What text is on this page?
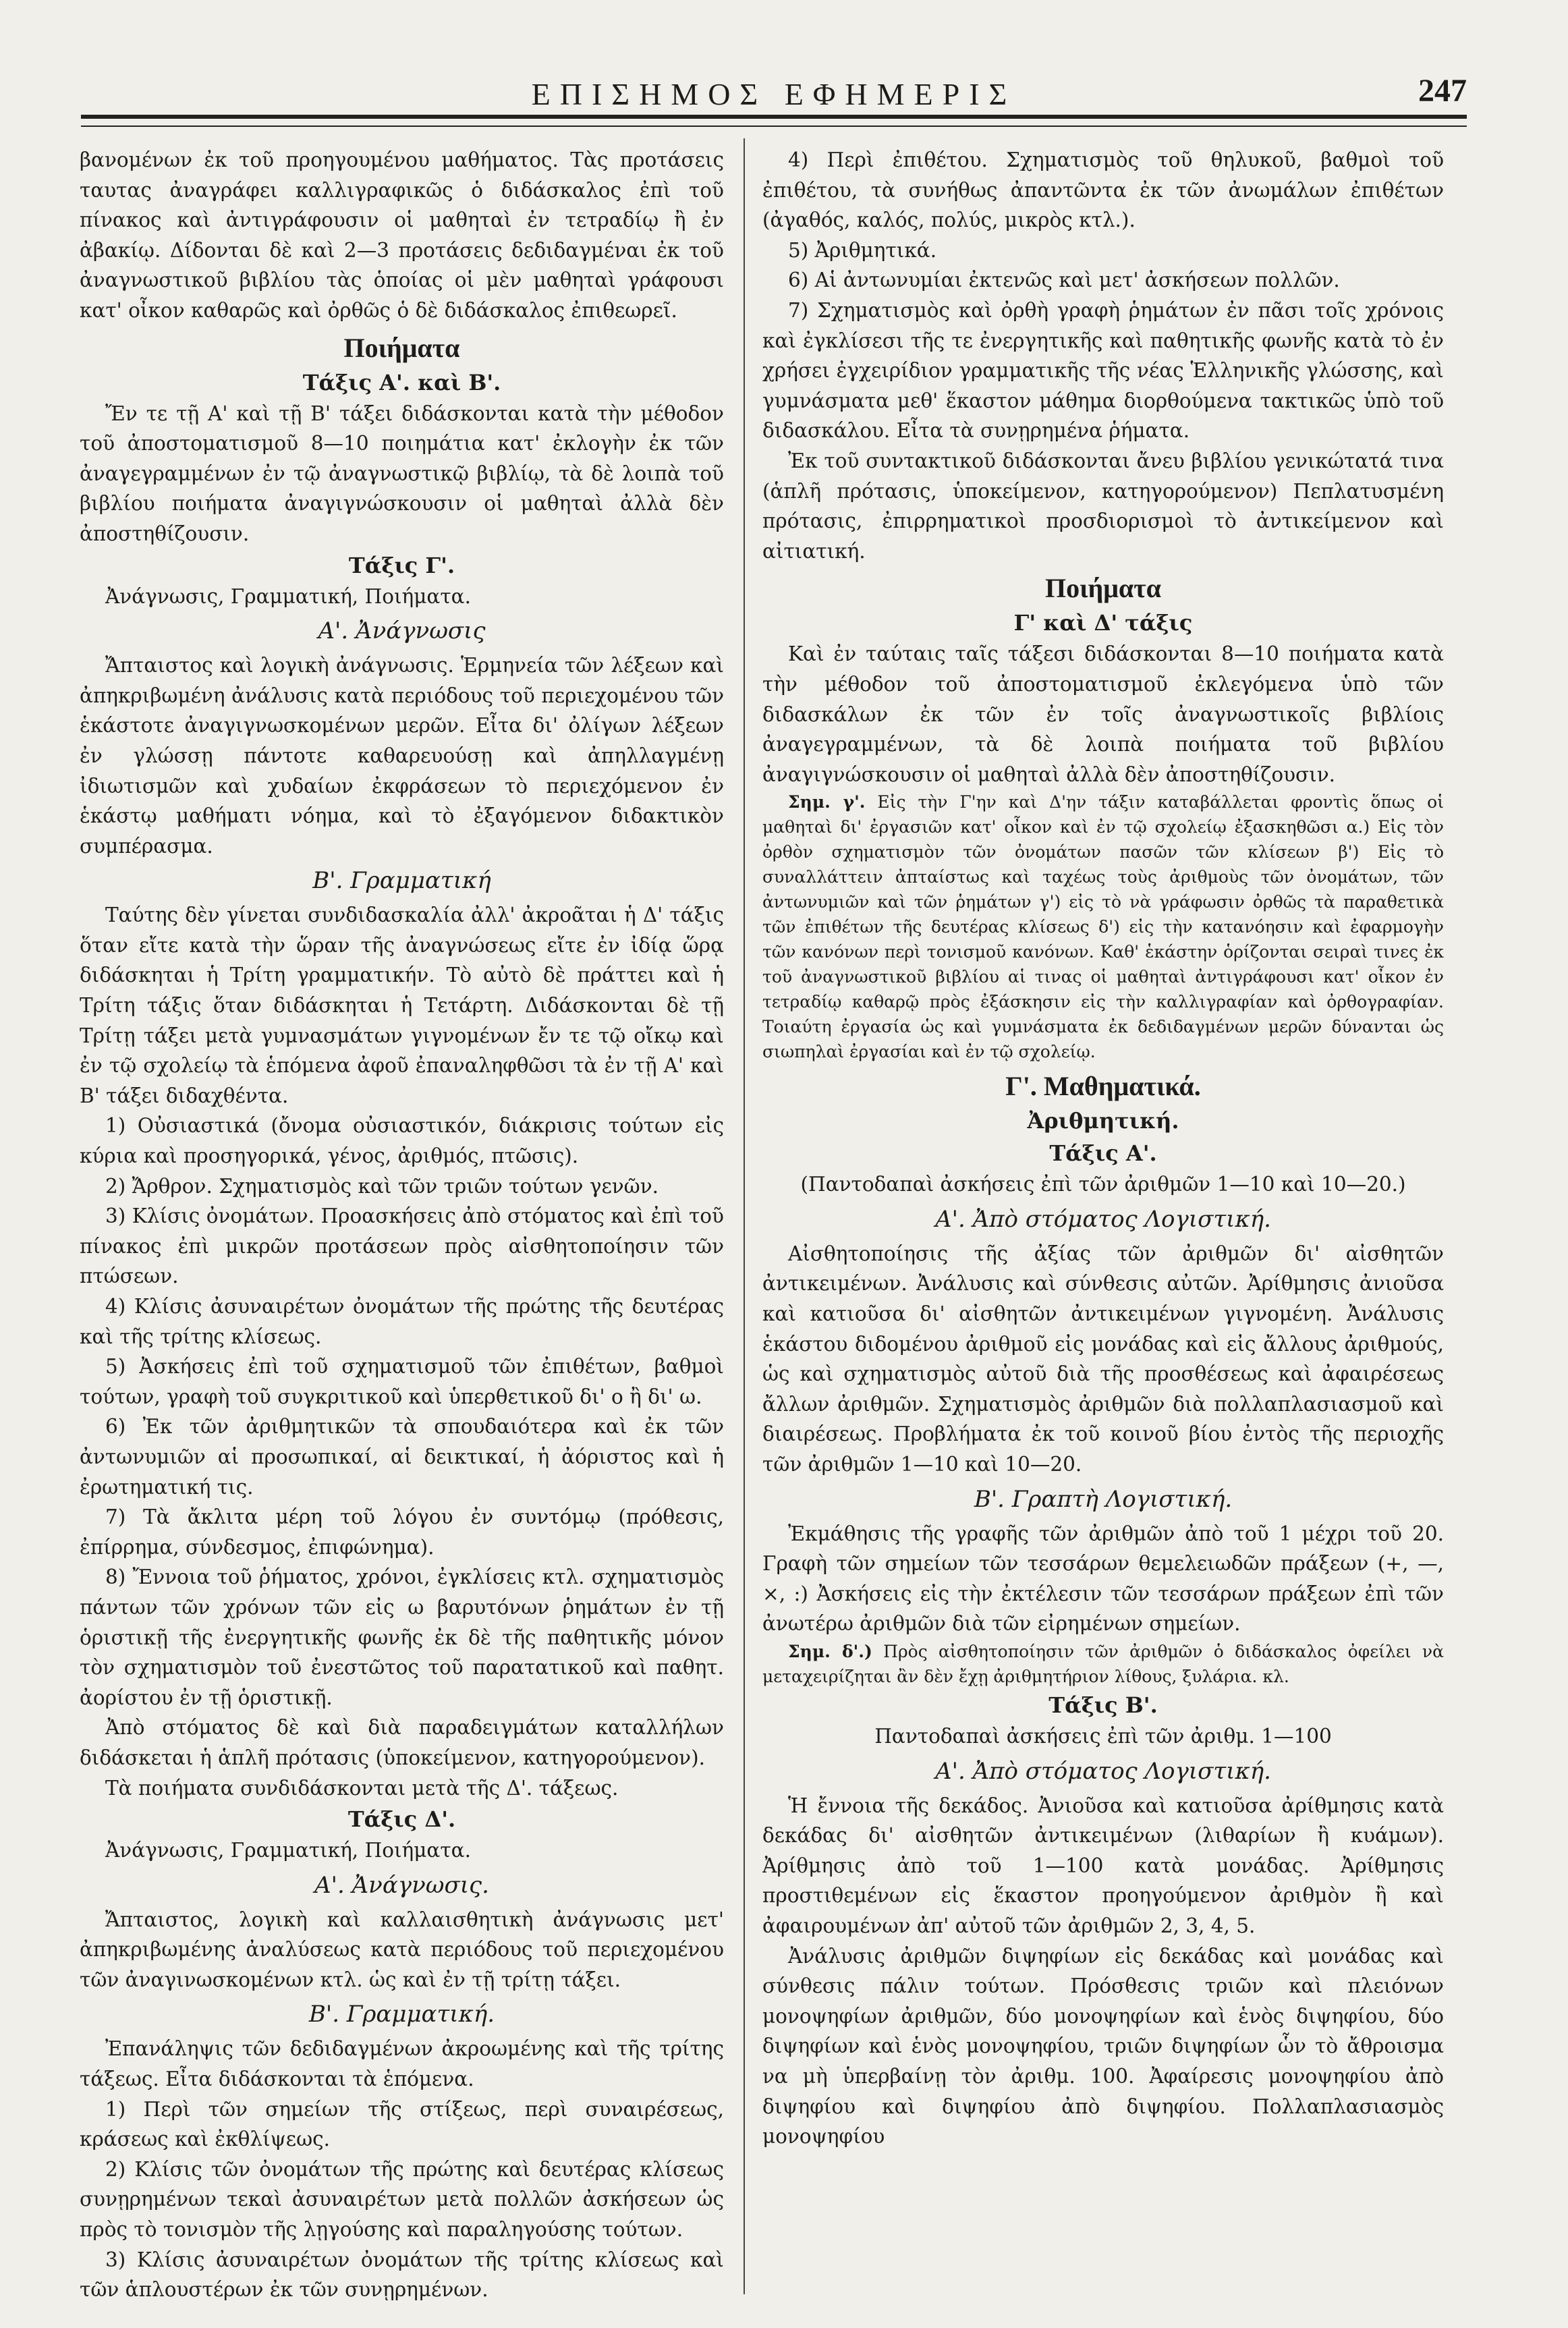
ΕΠΙΣΗΜΟΣ ΕΦΗΜΕΡΙΣ	247

βανομένων ἐκ τοῦ προηγουμένου μαθήματος. Τὰς προτάσεις ταυτας ἀναγράφει καλλιγραφικῶς ὁ διδάσκαλος ἐπὶ τοῦ πίνακος καὶ ἀντιγράφουσιν οἱ μαθηταὶ ἐν τετραδίῳ ἢ ἐν ἀβακίῳ. Δίδονται δὲ καὶ 2—3 προτάσεις δεδιδαγμέναι ἐκ τοῦ ἀναγνωστικοῦ βιβλίου τὰς ὁποίας οἱ μὲν μαθηταὶ γράφουσι κατ' οἶκον καθαρῶς καὶ ὀρθῶς ὁ δὲ διδάσκαλος ἐπιθεωρεῖ.

Ποιήματα
Τάξις Α'. καὶ Β'.

Ἔν τε τῇ Α' καὶ τῇ Β' τάξει διδάσκονται κατὰ τὴν μέθοδον τοῦ ἀποστοματισμοῦ 8—10 ποιημάτια κατ' ἐκλογὴν ἐκ τῶν ἀναγεγραμμένων ἐν τῷ ἀναγνωστικῷ βιβλίῳ, τὰ δὲ λοιπὰ τοῦ βιβλίου ποιήματα ἀναγιγνώσκουσιν οἱ μαθηταὶ ἀλλὰ δὲν ἀποστηθίζουσιν.

Τάξις Γ'.

Ἀνάγνωσις, Γραμματική, Ποιήματα.

Α'. Ἀνάγνωσις

Ἄπταιστος καὶ λογικὴ ἀνάγνωσις. Ἑρμηνεία τῶν λέξεων καὶ ἀπηκριβωμένη ἀνάλυσις κατὰ περιόδους τοῦ περιεχομένου τῶν ἑκάστοτε ἀναγιγνωσκομένων μερῶν. Εἶτα δι' ὀλίγων λέξεων ἐν γλώσσῃ πάντοτε καθαρευούσῃ καὶ ἀπηλλαγμένῃ ἰδιωτισμῶν καὶ χυδαίων ἐκφράσεων τὸ περιεχόμενον ἐν ἑκάστῳ μαθήματι νόημα, καὶ τὸ ἐξαγόμενον διδακτικὸν συμπέρασμα.

Β'. Γραμματική

Ταύτης δὲν γίνεται συνδιδασκαλία ἀλλ' ἀκροᾶται ἡ Δ' τάξις ὅταν εἴτε κατὰ τὴν ὥραν τῆς ἀναγνώσεως εἴτε ἐν ἰδίᾳ ὥρᾳ διδάσκηται ἡ Τρίτη γραμματικήν. Τὸ αὐτὸ δὲ πράττει καὶ ἡ Τρίτη τάξις ὅταν διδάσκηται ἡ Τετάρτη. Διδάσκονται δὲ τῇ Τρίτῃ τάξει μετὰ γυμνασμάτων γιγνομένων ἔν τε τῷ οἴκῳ καὶ ἐν τῷ σχολείῳ τὰ ἑπόμενα ἀφοῦ ἐπαναληφθῶσι τὰ ἐν τῇ Α' καὶ Β' τάξει διδαχθέντα.

1) Οὐσιαστικά (ὄνομα οὐσιαστικόν, διάκρισις τούτων εἰς κύρια καὶ προσηγορικά, γένος, ἀριθμός, πτῶσις).

2) Ἄρθρον. Σχηματισμὸς καὶ τῶν τριῶν τούτων γενῶν.

3) Κλίσις ὀνομάτων. Προασκήσεις ἀπὸ στόματος καὶ ἐπὶ τοῦ πίνακος ἐπὶ μικρῶν προτάσεων πρὸς αἰσθητοποίησιν τῶν πτώσεων.

4) Κλίσις ἀσυναιρέτων ὀνομάτων τῆς πρώτης τῆς δευτέρας καὶ τῆς τρίτης κλίσεως.

5) Ἀσκήσεις ἐπὶ τοῦ σχηματισμοῦ τῶν ἐπιθέτων, βαθμοὶ τούτων, γραφὴ τοῦ συγκριτικοῦ καὶ ὑπερθετικοῦ δι' ο ἢ δι' ω.

6) Ἐκ τῶν ἀριθμητικῶν τὰ σπουδαιότερα καὶ ἐκ τῶν ἀντωνυμιῶν αἱ προσωπικαί, αἱ δεικτικαί, ἡ ἀόριστος καὶ ἡ ἐρωτηματική τις.

7) Τὰ ἄκλιτα μέρη τοῦ λόγου ἐν συντόμῳ (πρόθεσις, ἐπίρρημα, σύνδεσμος, ἐπιφώνημα).

8) Ἔννοια τοῦ ῥήματος, χρόνοι, ἐγκλίσεις κτλ. σχηματισμὸς πάντων τῶν χρόνων τῶν εἰς ω βαρυτόνων ῥημάτων ἐν τῇ ὁριστικῇ τῆς ἐνεργητικῆς φωνῆς ἐκ δὲ τῆς παθητικῆς μόνον τὸν σχηματισμὸν τοῦ ἐνεστῶτος τοῦ παρατατικοῦ καὶ παθητ. ἀορίστου ἐν τῇ ὁριστικῇ.

Ἀπὸ στόματος δὲ καὶ διὰ παραδειγμάτων καταλλήλων διδάσκεται ἡ ἁπλῆ πρότασις (ὑποκείμενον, κατηγορούμενον).

Τὰ ποιήματα συνδιδάσκονται μετὰ τῆς Δ'. τάξεως.

Τάξις Δ'.

Ἀνάγνωσις, Γραμματική, Ποιήματα.

Α'. Ἀνάγνωσις.

Ἄπταιστος, λογικὴ καὶ καλλαισθητικὴ ἀνάγνωσις μετ' ἀπηκριβωμένης ἀναλύσεως κατὰ περιόδους τοῦ περιεχομένου τῶν ἀναγινωσκομένων κτλ. ὡς καὶ ἐν τῇ τρίτῃ τάξει.

Β'. Γραμματική.

Ἐπανάληψις τῶν δεδιδαγμένων ἀκροωμένης καὶ τῆς τρίτης τάξεως. Εἶτα διδάσκονται τὰ ἑπόμενα.

1) Περὶ τῶν σημείων τῆς στίξεως, περὶ συναιρέσεως, κράσεως καὶ ἐκθλίψεως.

2) Κλίσις τῶν ὀνομάτων τῆς πρώτης καὶ δευτέρας κλίσεως συνῃρημένων τεκαὶ ἀσυναιρέτων μετὰ πολλῶν ἀσκήσεων ὡς πρὸς τὸ τονισμὸν τῆς λῃγούσης καὶ παραληγούσης τούτων.

3) Κλίσις ἀσυναιρέτων ὀνομάτων τῆς τρίτης κλίσεως καὶ τῶν ἁπλουστέρων ἐκ τῶν συνῃρημένων.

4) Περὶ ἐπιθέτου. Σχηματισμὸς τοῦ θηλυκοῦ, βαθμοὶ τοῦ ἐπιθέτου, τὰ συνήθως ἀπαντῶντα ἐκ τῶν ἀνωμάλων ἐπιθέτων (ἀγαθός, καλός, πολύς, μικρὸς κτλ.).

5) Ἀριθμητικά.

6) Αἱ ἀντωνυμίαι ἐκτενῶς καὶ μετ' ἀσκήσεων πολλῶν.

7) Σχηματισμὸς καὶ ὀρθὴ γραφὴ ῥημάτων ἐν πᾶσι τοῖς χρόνοις καὶ ἐγκλίσεσι τῆς τε ἐνεργητικῆς καὶ παθητικῆς φωνῆς κατὰ τὸ ἐν χρήσει ἐγχειρίδιον γραμματικῆς τῆς νέας Ἑλληνικῆς γλώσσης, καὶ γυμνάσματα μεθ' ἕκαστον μάθημα διορθούμενα τακτικῶς ὑπὸ τοῦ διδασκάλου. Εἶτα τὰ συνῃρημένα ῥήματα.

Ἐκ τοῦ συντακτικοῦ διδάσκονται ἄνευ βιβλίου γενικώτατά τινα (ἁπλῆ πρότασις, ὑποκείμενον, κατηγορούμενον) Πεπλατυσμένη πρότασις, ἐπιρρηματικοὶ προσδιορισμοὶ τὸ ἀντικείμενον καὶ αἰτιατική.

Ποιήματα
Γ' καὶ Δ' τάξις

Καὶ ἐν ταύταις ταῖς τάξεσι διδάσκονται 8—10 ποιήματα κατὰ τὴν μέθοδον τοῦ ἀποστοματισμοῦ ἐκλεγόμενα ὑπὸ τῶν διδασκάλων ἐκ τῶν ἐν τοῖς ἀναγνωστικοῖς βιβλίοις ἀναγεγραμμένων, τὰ δὲ λοιπὰ ποιήματα τοῦ βιβλίου ἀναγιγνώσκουσιν οἱ μαθηταὶ ἀλλὰ δὲν ἀποστηθίζουσιν.

Σημ. γ'. Εἰς τὴν Γ'ην καὶ Δ'ην τάξιν καταβάλλεται φροντὶς ὅπως οἱ μαθηταὶ δι' ἐργασιῶν κατ' οἶκον καὶ ἐν τῷ σχολείῳ ἐξασκηθῶσι α.) Εἰς τὸν ὀρθὸν σχηματισμὸν τῶν ὀνομάτων πασῶν τῶν κλίσεων β') Εἰς τὸ συναλλάττειν ἀπταίστως καὶ ταχέως τοὺς ἀριθμοὺς τῶν ὀνομάτων, τῶν ἀντωνυμιῶν καὶ τῶν ῥημάτων γ') εἰς τὸ νὰ γράφωσιν ὀρθῶς τὰ παραθετικὰ τῶν ἐπιθέτων τῆς δευτέρας κλίσεως δ') εἰς τὴν κατανόησιν καὶ ἐφαρμογὴν τῶν κανόνων περὶ τονισμοῦ κανόνων. Καθ' ἑκάστην ὁρίζονται σειραὶ τινες ἐκ τοῦ ἀναγνωστικοῦ βιβλίου αἱ τινας οἱ μαθηταὶ ἀντιγράφουσι κατ' οἶκον ἐν τετραδίῳ καθαρῷ πρὸς ἐξάσκησιν εἰς τὴν καλλιγραφίαν καὶ ὀρθογραφίαν. Τοιαύτη ἐργασία ὡς καὶ γυμνάσματα ἐκ δεδιδαγμένων μερῶν δύνανται ὡς σιωπηλαὶ ἐργασίαι καὶ ἐν τῷ σχολείῳ.

Γ'. Μαθηματικά.
Ἀριθμητική.
Τάξις Α'.

(Παντοδαπαὶ ἀσκήσεις ἐπὶ τῶν ἀριθμῶν 1—10 καὶ 10—20.)

Α'. Ἀπὸ στόματος Λογιστική.

Αἰσθητοποίησις τῆς ἀξίας τῶν ἀριθμῶν δι' αἰσθητῶν ἀντικειμένων. Ἀνάλυσις καὶ σύνθεσις αὐτῶν. Ἀρίθμησις ἀνιοῦσα καὶ κατιοῦσα δι' αἰσθητῶν ἀντικειμένων γιγνομένη. Ἀνάλυσις ἑκάστου διδομένου ἀριθμοῦ εἰς μονάδας καὶ εἰς ἄλλους ἀριθμούς, ὡς καὶ σχηματισμὸς αὐτοῦ διὰ τῆς προσθέσεως καὶ ἀφαιρέσεως ἄλλων ἀριθμῶν. Σχηματισμὸς ἀριθμῶν διὰ πολλαπλασιασμοῦ καὶ διαιρέσεως. Προβλήματα ἐκ τοῦ κοινοῦ βίου ἐντὸς τῆς περιοχῆς τῶν ἀριθμῶν 1—10 καὶ 10—20.

Β'. Γραπτὴ Λογιστική.

Ἐκμάθησις τῆς γραφῆς τῶν ἀριθμῶν ἀπὸ τοῦ 1 μέχρι τοῦ 20. Γραφὴ τῶν σημείων τῶν τεσσάρων θεμελειωδῶν πράξεων (+, —, ×, :) Ἀσκήσεις εἰς τὴν ἐκτέλεσιν τῶν τεσσάρων πράξεων ἐπὶ τῶν ἀνωτέρω ἀριθμῶν διὰ τῶν εἰρημένων σημείων.

Σημ. δ'.) Πρὸς αἰσθητοποίησιν τῶν ἀριθμῶν ὁ διδάσκαλος ὀφείλει νὰ μεταχειρίζηται ἂν δὲν ἔχῃ ἀριθμητήριον λίθους, ξυλάρια. κλ.

Τάξις Β'.

Παντοδαπαὶ ἀσκήσεις ἐπὶ τῶν ἀριθμ. 1—100

Α'. Ἀπὸ στόματος Λογιστική.

Ἡ ἔννοια τῆς δεκάδος. Ἀνιοῦσα καὶ κατιοῦσα ἀρίθμησις κατὰ δεκάδας δι' αἰσθητῶν ἀντικειμένων (λιθαρίων ἢ κυάμων). Ἀρίθμησις ἀπὸ τοῦ 1—100 κατὰ μονάδας. Ἀρίθμησις προστιθεμένων εἰς ἕκαστον προηγούμενον ἀριθμὸν ἢ καὶ ἀφαιρουμένων ἀπ' αὐτοῦ τῶν ἀριθμῶν 2, 3, 4, 5.

Ἀνάλυσις ἀριθμῶν διψηφίων εἰς δεκάδας καὶ μονάδας καὶ σύνθεσις πάλιν τούτων. Πρόσθεσις τριῶν καὶ πλειόνων μονοψηφίων ἀριθμῶν, δύο μονοψηφίων καὶ ἑνὸς διψηφίου, δύο διψηφίων καὶ ἑνὸς μονοψηφίου, τριῶν διψηφίων ὧν τὸ ἄθροισμα να μὴ ὑπερβαίνῃ τὸν ἀριθμ. 100. Ἀφαίρεσις μονοψηφίου ἀπὸ διψηφίου καὶ διψηφίου ἀπὸ διψηφίου. Πολλαπλασιασμὸς μονοψηφίου
